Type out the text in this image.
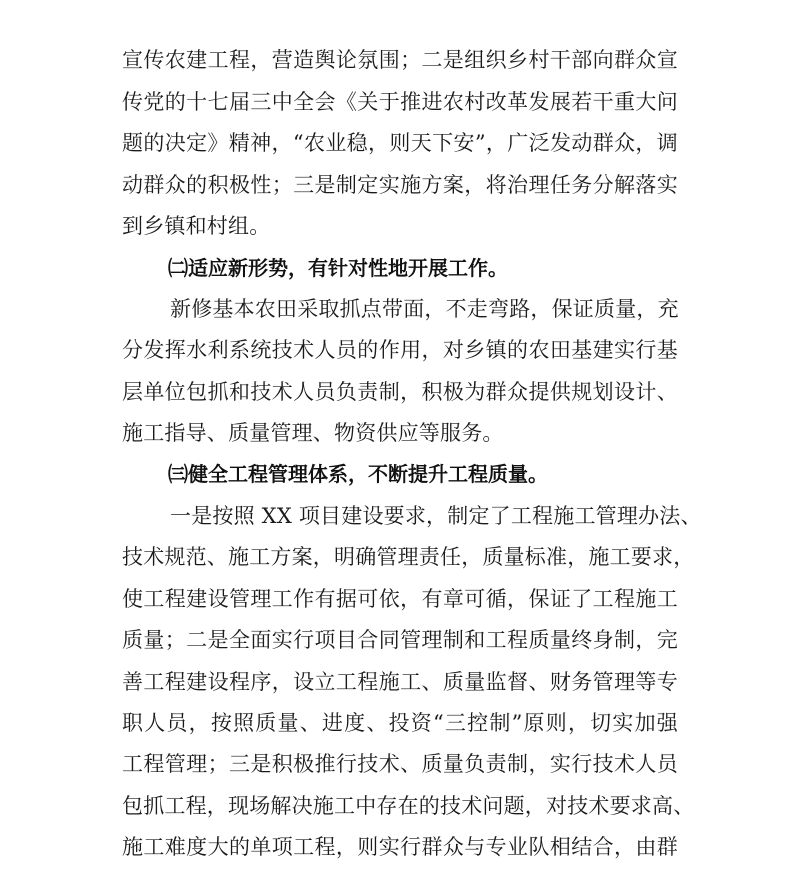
宣传农建工程，营造舆论氛围；二是组织乡村干部向群众宣
传党的十七届三中全会《关于推进农村改革发展若干重大问
题的决定》精神，“农业稳，则天下安”，广泛发动群众，调
动群众的积极性；三是制定实施方案，将治理任务分解落实
到乡镇和村组。
㈡适应新形势，有针对性地开展工作。
新修基本农田采取抓点带面，不走弯路，保证质量，充
分发挥水利系统技术人员的作用，对乡镇的农田基建实行基
层单位包抓和技术人员负责制，积极为群众提供规划设计、
施工指导、质量管理、物资供应等服务。
㈢健全工程管理体系，不断提升工程质量。
一是按照 XX 项目建设要求，制定了工程施工管理办法、
技术规范、施工方案，明确管理责任，质量标准，施工要求，
使工程建设管理工作有据可依，有章可循，保证了工程施工
质量；二是全面实行项目合同管理制和工程质量终身制，完
善工程建设程序，设立工程施工、质量监督、财务管理等专
职人员，按照质量、进度、投资“三控制”原则，切实加强
工程管理；三是积极推行技术、质量负责制，实行技术人员
包抓工程，现场解决施工中存在的技术问题，对技术要求高、
施工难度大的单项工程，则实行群众与专业队相结合，由群
